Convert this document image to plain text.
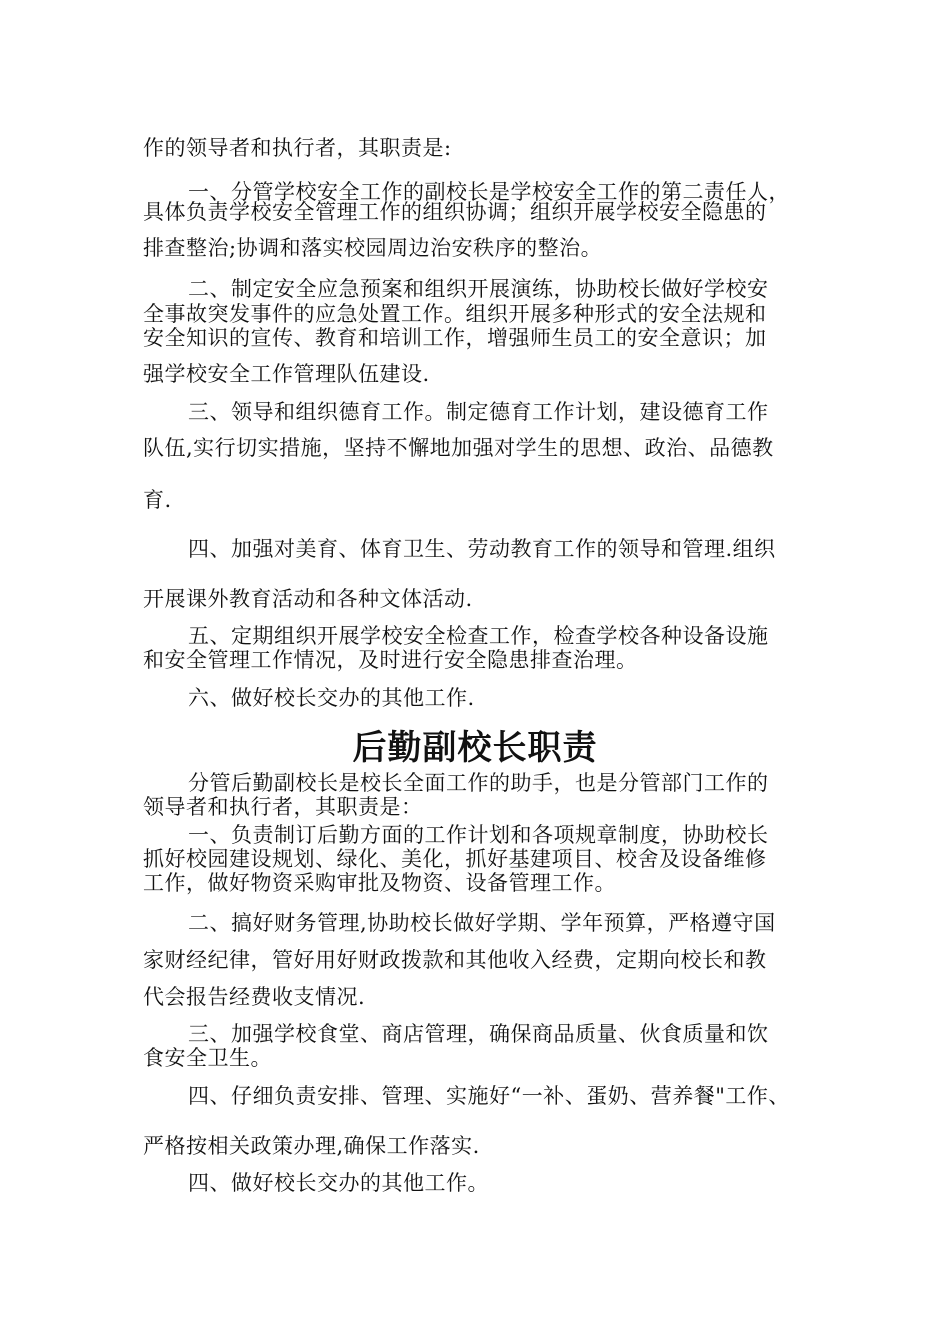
作的领导者和执行者，其职责是:
一、分管学校安全工作的副校长是学校安全工作的第二责任人，
具体负责学校安全管理工作的组织协调；组织开展学校安全隐患的
排查整治;协调和落实校园周边治安秩序的整治。
二、制定安全应急预案和组织开展演练，协助校长做好学校安
全事故突发事件的应急处置工作。组织开展多种形式的安全法规和
安全知识的宣传、教育和培训工作，增强师生员工的安全意识；加
强学校安全工作管理队伍建设.
三、领导和组织德育工作。制定德育工作计划，建设德育工作
队伍,实行切实措施，坚持不懈地加强对学生的思想、政治、品德教
育.
四、加强对美育、体育卫生、劳动教育工作的领导和管理.组织
开展课外教育活动和各种文体活动.
五、定期组织开展学校安全检查工作，检查学校各种设备设施
和安全管理工作情况，及时进行安全隐患排查治理。
六、做好校长交办的其他工作.
后勤副校长职责
分管后勤副校长是校长全面工作的助手，也是分管部门工作的
领导者和执行者，其职责是：
一、负责制订后勤方面的工作计划和各项规章制度，协助校长
抓好校园建设规划、绿化、美化，抓好基建项目、校舍及设备维修
工作，做好物资采购审批及物资、设备管理工作。
二、搞好财务管理,协助校长做好学期、学年预算，严格遵守国
家财经纪律，管好用好财政拨款和其他收入经费，定期向校长和教
代会报告经费收支情况.
三、加强学校食堂、商店管理，确保商品质量、伙食质量和饮
食安全卫生。
四、仔细负责安排、管理、实施好“一补、蛋奶、营养餐"工作、
严格按相关政策办理,确保工作落实.
四、做好校长交办的其他工作。
